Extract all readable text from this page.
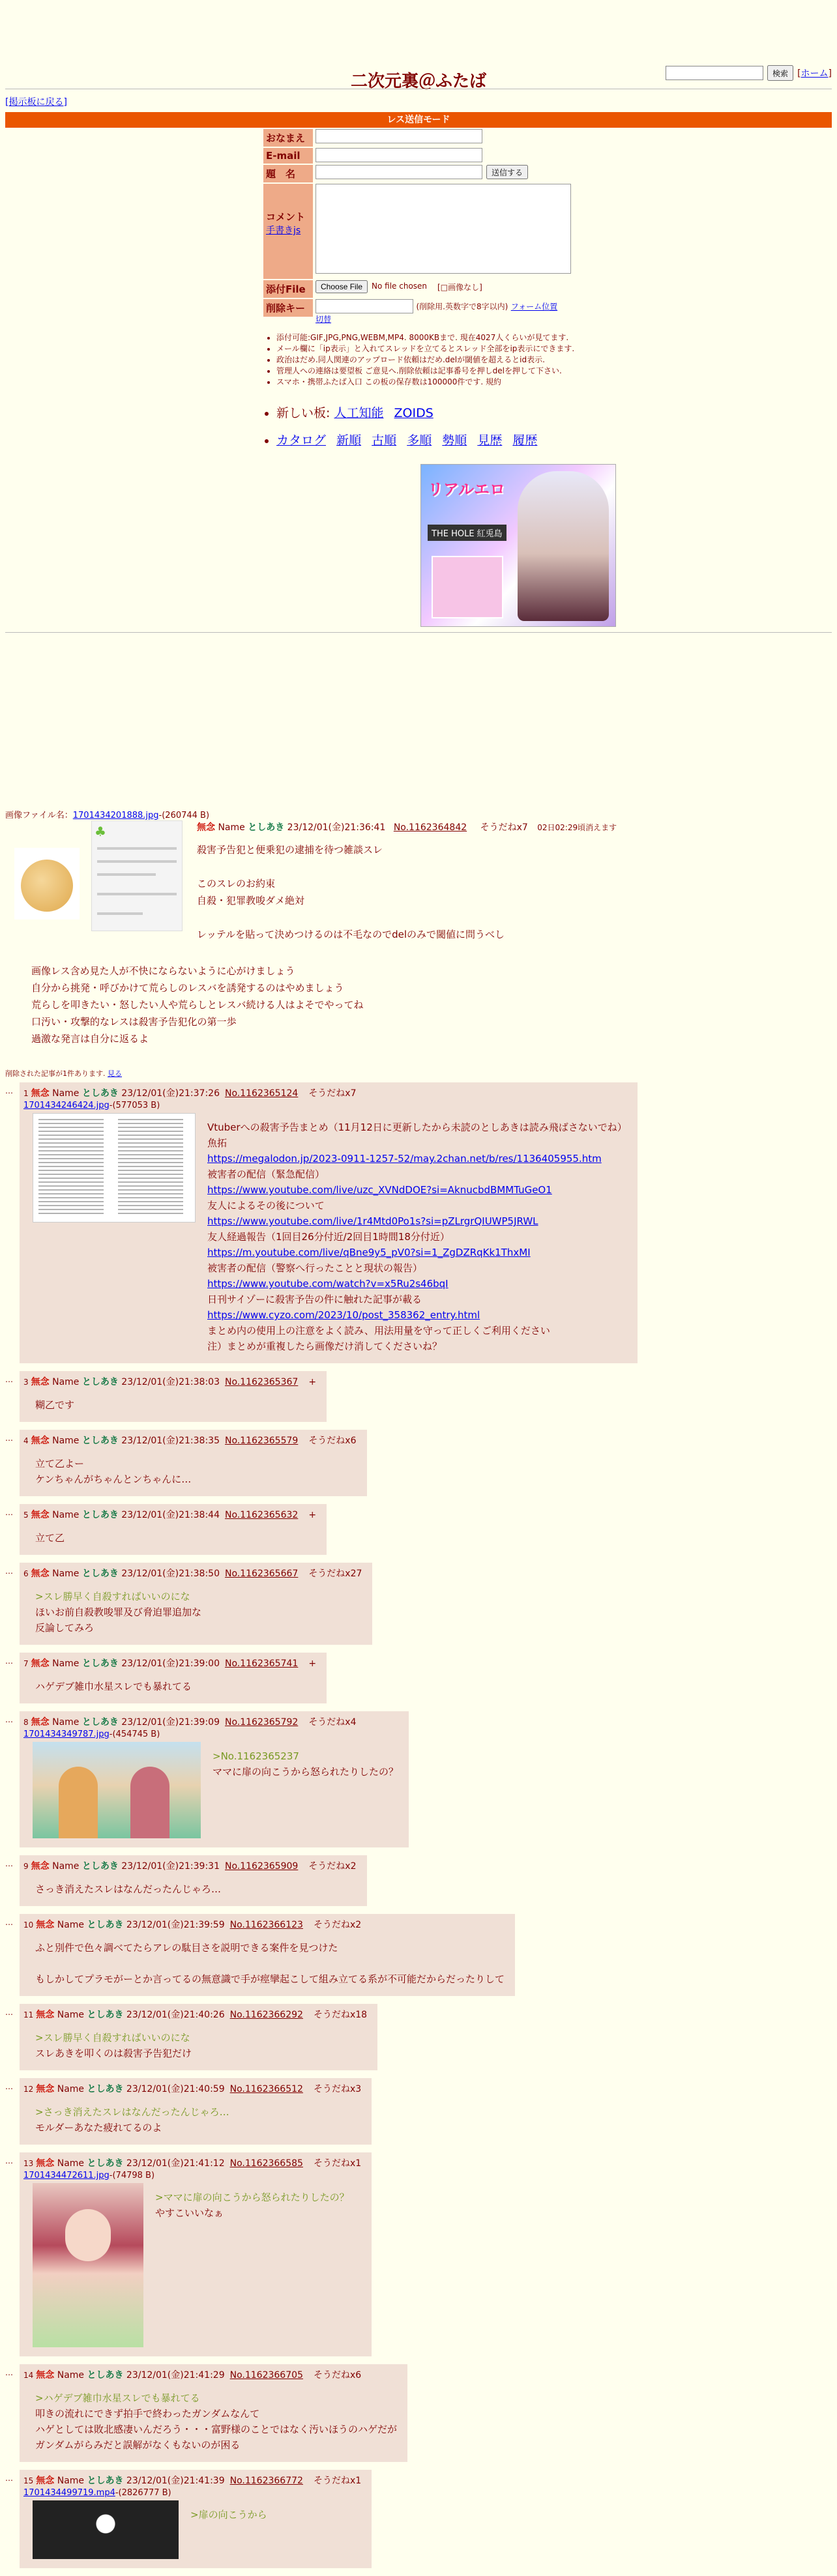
検索	[ホーム]
二次元裏＠ふたば
[掲示板に戻る]
レス送信モード
おなまえ
E-mail
題　名	送信する
コメント
手書きjs
添付File	Choose File	No file chosen [□画像なし]
削除キー	(削除用.英数字で8字以内) フォーム位置
切替
• 添付可能:GIF,JPG,PNG,WEBM,MP4. 8000KBまで. 現在4027人くらいが見てます.
• メール欄に「ip表示」と入れてスレッドを立てるとスレッド全部をip表示にできます.
• 政治はだめ.同人関連のアップロード依頼はだめ.delが閾値を超えるとid表示.
• 管理人への連絡は要望板 ご意見へ.削除依頼は記事番号を押しdelを押して下さい.
• スマホ・携帯ふたば入口 この板の保存数は100000件です. 規約
• 新しい板: 人工知能 ZOIDS
• カタログ 新順 古順 多順 勢順 見歴 履歴
リアルエロ
THE HOLE 紅兎島
画像ファイル名：1701434201888.jpg-(260744 B)
♣	無念 Name としあき 23/12/01(金)21:36:41 No.1162364842 そうだねx7 02日02:29頃消えます
殺害予告犯と便乗犯の逮捕を待つ雑談スレ

このスレのお約束
自殺・犯罪教唆ダメ絶対

レッテルを貼って決めつけるのは不毛なのでdelのみで閾値に問うべし
画像レス含め見た人が不快にならないように心がけましょう
自分から挑発・呼びかけて荒らしのレスバを誘発するのはやめましょう
荒らしを叩きたい・怒したい人や荒らしとレスバ続ける人はよそでやってね
口汚い・攻撃的なレスは殺害予告犯化の第一歩
過激な発言は自分に返るよ
削除された記事が1件あります. 見る
… 1 無念 Name としあき 23/12/01(金)21:37:26 No.1162365124 そうだねx7
1701434246424.jpg-(577053 B)
Vtuberへの殺害予告まとめ（11月12日に更新したから未読のとしあきは読み飛ばさないでね）
魚拓
https://megalodon.jp/2023-0911-1257-52/may.2chan.net/b/res/1136405955.htm
被害者の配信（緊急配信）
https://www.youtube.com/live/uzc_XVNdDOE?si=AknucbdBMMTuGeO1
友人によるその後について
https://www.youtube.com/live/1r4Mtd0Po1s?si=pZLrgrQIUWP5JRWL
友人経過報告（1回目26分付近/2回目1時間18分付近）
https://m.youtube.com/live/qBne9y5_pV0?si=1_ZgDZRqKk1ThxMI
被害者の配信（警察へ行ったことと現状の報告）
https://www.youtube.com/watch?v=x5Ru2s46bqI
日刊サイゾーに殺害予告の件に触れた記事が載る
https://www.cyzo.com/2023/10/post_358362_entry.html
まとめ内の使用上の注意をよく読み、用法用量を守って正しくご利用ください
注）まとめが重複したら画像だけ消してくださいね？
… 3 無念 Name としあき 23/12/01(金)21:38:03 No.1162365367 +
糊乙です
… 4 無念 Name としあき 23/12/01(金)21:38:35 No.1162365579 そうだねx6
立て乙よー
ケンちゃんがちゃんとンちゃんに…
… 5 無念 Name としあき 23/12/01(金)21:38:44 No.1162365632 +
立て乙
… 6 無念 Name としあき 23/12/01(金)21:38:50 No.1162365667 そうだねx27
>スレ勝早く自殺すればいいのにな
ほいお前自殺教唆罪及び脅迫罪追加な
反論してみろ
… 7 無念 Name としあき 23/12/01(金)21:39:00 No.1162365741 +
ハゲデブ雑巾水星スレでも暴れてる
… 8 無念 Name としあき 23/12/01(金)21:39:09 No.1162365792 そうだねx4
1701434349787.jpg-(454745 B)
>No.1162365237
ママに扉の向こうから怒られたりしたの？
… 9 無念 Name としあき 23/12/01(金)21:39:31 No.1162365909 そうだねx2
さっき消えたスレはなんだったんじゃろ…
… 10 無念 Name としあき 23/12/01(金)21:39:59 No.1162366123 そうだねx2
ふと別件で色々調べてたらアレの駄目さを説明できる案件を見つけた

もしかしてプラモがーとか言ってるの無意識で手が痙攣起こして組み立てる系が不可能だからだったりして
… 11 無念 Name としあき 23/12/01(金)21:40:26 No.1162366292 そうだねx18
>スレ勝早く自殺すればいいのにな
スレあきを叩くのは殺害予告犯だけ
… 12 無念 Name としあき 23/12/01(金)21:40:59 No.1162366512 そうだねx3
>さっき消えたスレはなんだったんじゃろ…
モルダーあなた疲れてるのよ
… 13 無念 Name としあき 23/12/01(金)21:41:12 No.1162366585 そうだねx1
1701434472611.jpg-(74798 B)
>ママに扉の向こうから怒られたりしたの？
やすこいいなぁ
… 14 無念 Name としあき 23/12/01(金)21:41:29 No.1162366705 そうだねx6
>ハゲデブ雑巾水星スレでも暴れてる
叩きの流れにできず拍手で終わったガンダムなんて
ハゲとしては敗北感凄いんだろう・・・富野様のことではなく汚いほうのハゲだが
ガンダムがらみだと誤解がなくもないのが困る
… 15 無念 Name としあき 23/12/01(金)21:41:39 No.1162366772 そうだねx1
1701434499719.mp4-(2826777 B)
>扉の向こうから
